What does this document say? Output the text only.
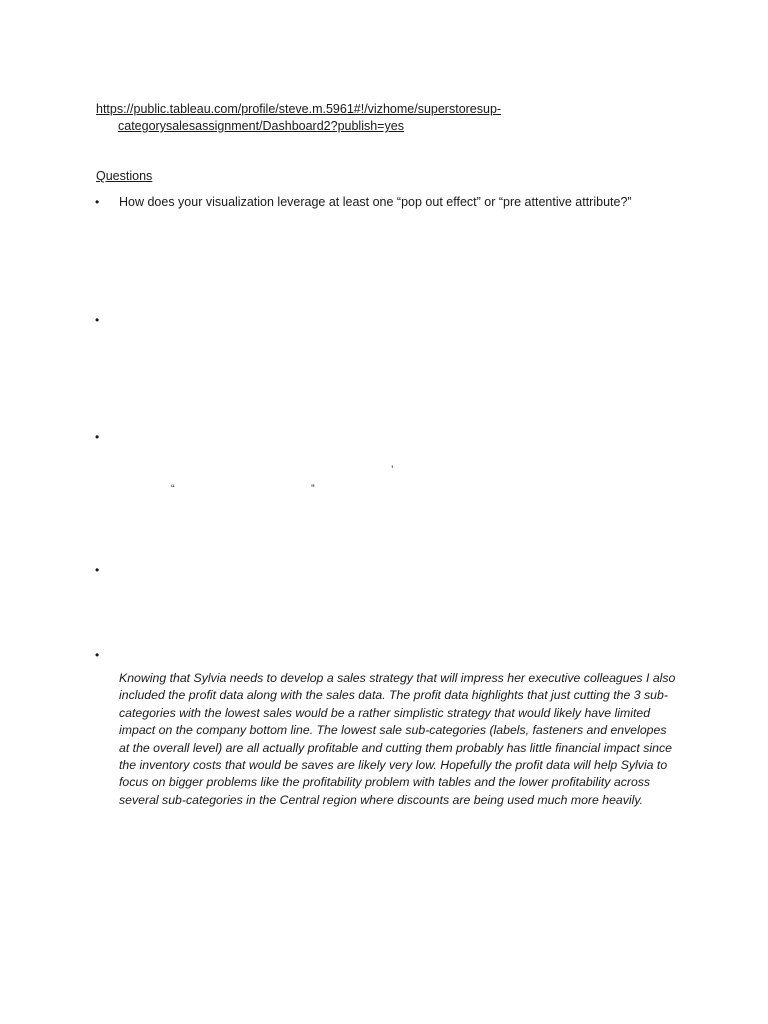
https://public.tableau.com/profile/steve.m.5961#!/vizhome/superstoresup-
categorysalesassignment/Dashboard2?publish=yes
Questions
• How does your visualization leverage at least one “pop out effect” or “pre attentive attribute?”
•
•
’
“	”
•
•

Knowing that Sylvia needs to develop a sales strategy that will impress her executive colleagues I also included the profit data along with the sales data. The profit data highlights that just cutting the 3 sub-categories with the lowest sales would be a rather simplistic strategy that would likely have limited impact on the company bottom line. The lowest sale sub-categories (labels, fasteners and envelopes at the overall level) are all actually profitable and cutting them probably has little financial impact since the inventory costs that would be saves are likely very low. Hopefully the profit data will help Sylvia to focus on bigger problems like the profitability problem with tables and the lower profitability across several sub-categories in the Central region where discounts are being used much more heavily.
